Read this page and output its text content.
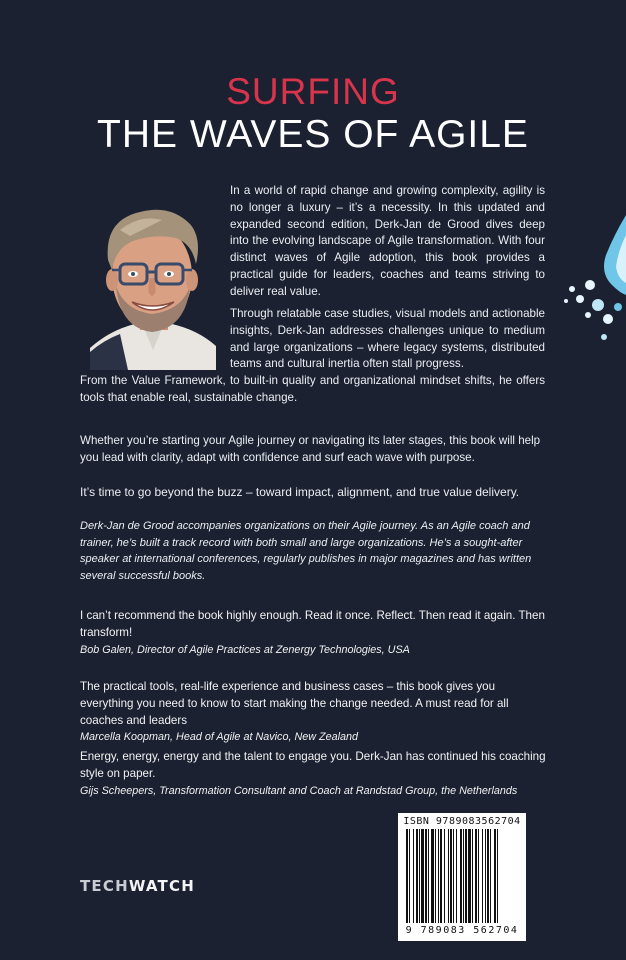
SURFING
THE WAVES OF AGILE
In a world of rapid change and growing complexity, agility is no longer a luxury – it’s a necessity. In this updated and expanded second edition, Derk-Jan de Grood dives deep into the evolving landscape of Agile transformation. With four distinct waves of Agile adoption, this book provides a practical guide for leaders, coaches and teams striving to deliver real value.
Through relatable case studies, visual models and actionable insights, Derk-Jan addresses challenges unique to medium and large organizations – where legacy systems, distributed teams and cultural inertia often stall progress.
From the Value Framework, to built-in quality and organizational mindset shifts, he offers tools that enable real, sustainable change.
Whether you’re starting your Agile journey or navigating its later stages, this book will help you lead with clarity, adapt with confidence and surf each wave with purpose.
It’s time to go beyond the buzz – toward impact, alignment, and true value delivery.
Derk-Jan de Grood accompanies organizations on their Agile journey. As an Agile coach and trainer, he’s built a track record with both small and large organizations. He’s a sought-after speaker at international conferences, regularly publishes in major magazines and has written several successful books.
I can’t recommend the book highly enough. Read it once. Reflect. Then read it again. Then transform!
Bob Galen, Director of Agile Practices at Zenergy Technologies, USA
The practical tools, real-life experience and business cases – this book gives you everything you need to know to start making the change needed. A must read for all coaches and leaders
Marcella Koopman, Head of Agile at Navico, New Zealand
Energy, energy, energy and the talent to engage you. Derk-Jan has continued his coaching style on paper.
Gijs Scheepers, Transformation Consultant and Coach at Randstad Group, the Netherlands
TECHWATCH
ISBN 9789083562704
9 789083 562704
